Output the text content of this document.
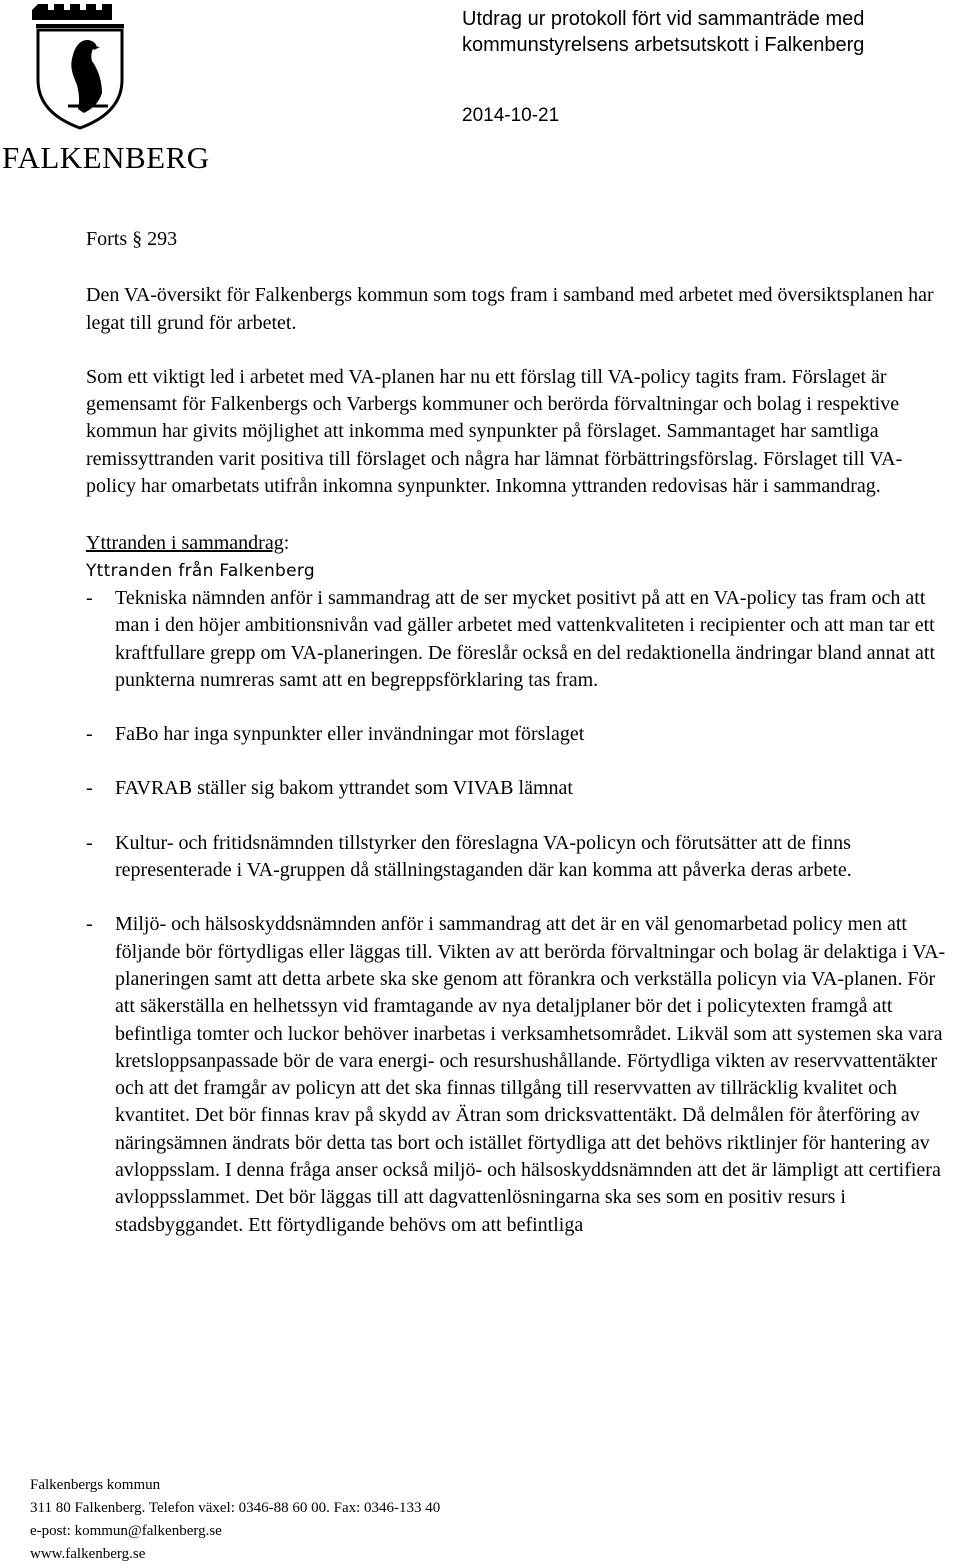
FALKENBERG
Utdrag ur protokoll fört vid sammanträde med kommunstyrelsens arbetsutskott i Falkenberg
2014-10-21

Forts § 293

Den VA-översikt för Falkenbergs kommun som togs fram i samband med arbetet med översiktsplanen har legat till grund för arbetet.

Som ett viktigt led i arbetet med VA-planen har nu ett förslag till VA-policy tagits fram. Förslaget är gemensamt för Falkenbergs och Varbergs kommuner och berörda förvaltningar och bolag i respektive kommun har givits möjlighet att inkomma med synpunkter på förslaget. Sammantaget har samtliga remissyttranden varit positiva till förslaget och några har lämnat förbättringsförslag. Förslaget till VA-policy har omarbetats utifrån inkomna synpunkter. Inkomna yttranden redovisas här i sammandrag.

Yttranden i sammandrag:

Yttranden från Falkenberg

- Tekniska nämnden anför i sammandrag att de ser mycket positivt på att en VA-policy tas fram och att man i den höjer ambitionsnivån vad gäller arbetet med vattenkvaliteten i recipienter och att man tar ett kraftfullare grepp om VA-planeringen. De föreslår också en del redaktionella ändringar bland annat att punkterna numreras samt att en begreppsförklaring tas fram.
- FaBo har inga synpunkter eller invändningar mot förslaget
- FAVRAB ställer sig bakom yttrandet som VIVAB lämnat
- Kultur- och fritidsnämnden tillstyrker den föreslagna VA-policyn och förutsätter att de finns representerade i VA-gruppen då ställningstaganden där kan komma att påverka deras arbete.
- Miljö- och hälsoskyddsnämnden anför i sammandrag att det är en väl genomarbetad policy men att följande bör förtydligas eller läggas till. Vikten av att berörda förvaltningar och bolag är delaktiga i VA-planeringen samt att detta arbete ska ske genom att förankra och verkställa policyn via VA-planen. För att säkerställa en helhetssyn vid framtagande av nya detaljplaner bör det i policytexten framgå att befintliga tomter och luckor behöver inarbetas i verksamhetsområdet. Likväl som att systemen ska vara kretsloppsanpassade bör de vara energi- och resurshushållande. Förtydliga vikten av reservvattentäkter och att det framgår av policyn att det ska finnas tillgång till reservvatten av tillräcklig kvalitet och kvantitet. Det bör finnas krav på skydd av Ätran som dricksvattentäkt. Då delmålen för återföring av näringsämnen ändrats bör detta tas bort och istället förtydliga att det behövs riktlinjer för hantering av avloppsslam. I denna fråga anser också miljö- och hälsoskyddsnämnden att det är lämpligt att certifiera avloppsslammet. Det bör läggas till att dagvattenlösningarna ska ses som en positiv resurs i stadsbyggandet. Ett förtydligande behövs om att befintliga
Falkenbergs kommun
311 80 Falkenberg. Telefon växel: 0346-88 60 00. Fax: 0346-133 40
e-post: kommun@falkenberg.se
www.falkenberg.se
